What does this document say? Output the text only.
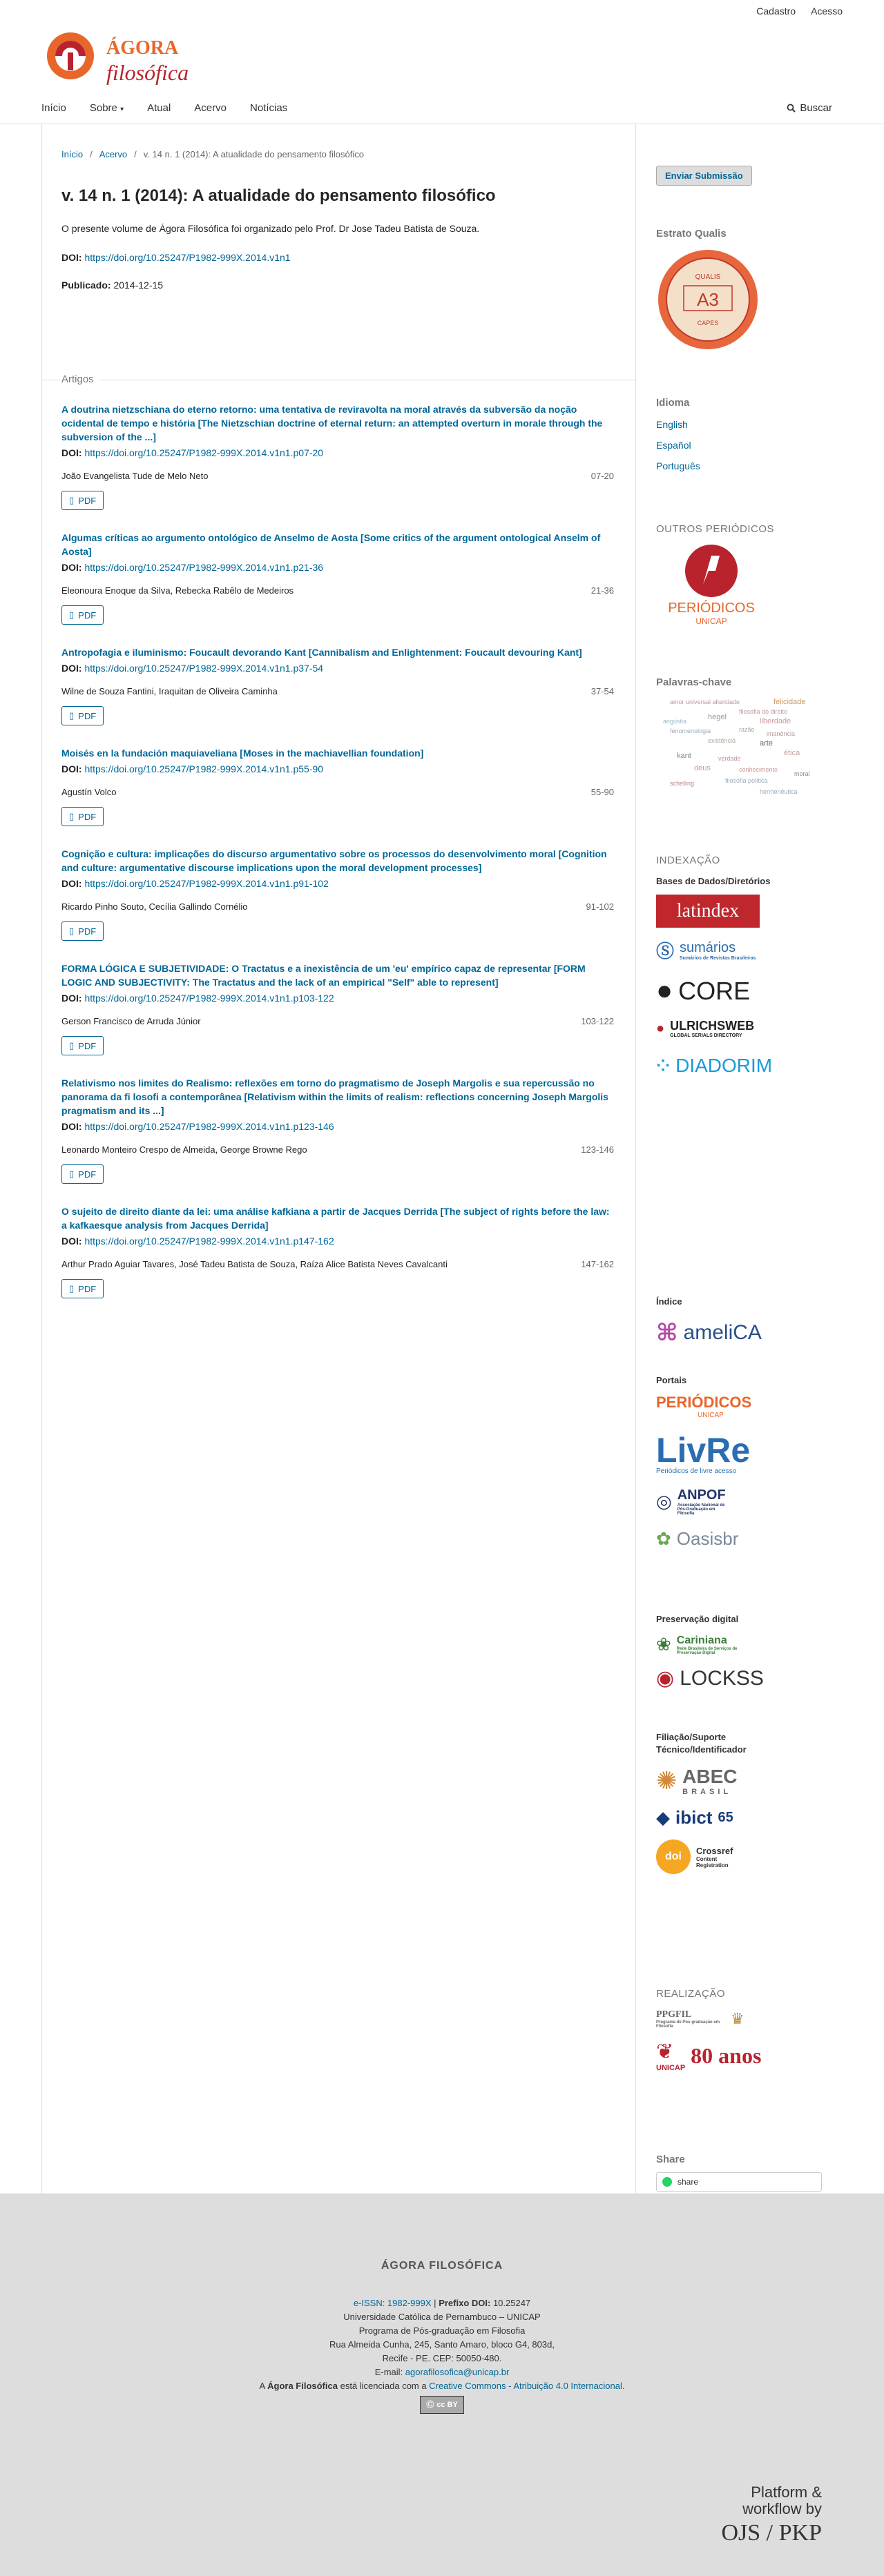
Cadastro Acesso
ÁGORA
filosófica
Início Sobre ▾ Atual Acervo Notícias	Buscar
Início / Acervo / v. 14 n. 1 (2014): A atualidade do pensamento filosófico
v. 14 n. 1 (2014): A atualidade do pensamento filosófico
O presente volume de Ágora Filosófica foi organizado pelo Prof. Dr Jose Tadeu Batista de Souza.
DOI: https://doi.org/10.25247/P1982-999X.2014.v1n1
Publicado: 2014-12-15
Artigos
A doutrina nietzschiana do eterno retorno: uma tentativa de reviravolta na moral através da subversão da noção ocidental de tempo e história [The Nietzschian doctrine of eternal return: an attempted overturn in morale through the subversion of the ...]
DOI: https://doi.org/10.25247/P1982-999X.2014.v1n1.p07-20
João Evangelista Tude de Melo Neto	07-20
▯ PDF
Algumas críticas ao argumento ontológico de Anselmo de Aosta [Some critics of the argument ontological Anselm of Aosta]
DOI: https://doi.org/10.25247/P1982-999X.2014.v1n1.p21-36
Eleonoura Enoque da Silva, Rebecka Rabêlo de Medeiros	21-36
▯ PDF
Antropofagia e iluminismo: Foucault devorando Kant [Cannibalism and Enlightenment: Foucault devouring Kant]
DOI: https://doi.org/10.25247/P1982-999X.2014.v1n1.p37-54
Wilne de Souza Fantini, Iraquitan de Oliveira Caminha	37-54
▯ PDF
Moisés en la fundación maquiaveliana [Moses in the machiavellian foundation]
DOI: https://doi.org/10.25247/P1982-999X.2014.v1n1.p55-90
Agustín Volco	55-90
▯ PDF
Cognição e cultura: implicações do discurso argumentativo sobre os processos do desenvolvimento moral [Cognition and culture: argumentative discourse implications upon the moral development processes]
DOI: https://doi.org/10.25247/P1982-999X.2014.v1n1.p91-102
Ricardo Pinho Souto, Cecília Gallindo Cornélio	91-102
▯ PDF
FORMA LÓGICA E SUBJETIVIDADE: O Tractatus e a inexistência de um 'eu' empírico capaz de representar [FORM LOGIC AND SUBJECTIVITY: The Tractatus and the lack of an empirical "Self" able to represent]
DOI: https://doi.org/10.25247/P1982-999X.2014.v1n1.p103-122
Gerson Francisco de Arruda Júnior	103-122
▯ PDF
Relativismo nos limites do Realismo: reflexões em torno do pragmatismo de Joseph Margolis e sua repercussão no panorama da fi losofi a contemporânea [Relativism within the limits of realism: reflections concerning Joseph Margolis pragmatism and its ...]
DOI: https://doi.org/10.25247/P1982-999X.2014.v1n1.p123-146
Leonardo Monteiro Crespo de Almeida, George Browne Rego	123-146
▯ PDF
O sujeito de direito diante da lei: uma análise kafkiana a partir de Jacques Derrida [The subject of rights before the law: a kafkaesque analysis from Jacques Derrida]
DOI: https://doi.org/10.25247/P1982-999X.2014.v1n1.p147-162
Arthur Prado Aguiar Tavares, José Tadeu Batista de Souza, Raíza Alice Batista Neves Cavalcanti	147-162
▯ PDF
Enviar Submissão
Estrato Qualis
QUALIS
A3
CAPES
Idioma
English
Español
Português
OUTROS PERIÓDICOS
PERIÓDICOS
UNICAP
Palavras-chave
amor universal alteridade	felicidade
filosofia do direito
angústia	hegel	liberdade
fenomenologia	imanência
existência	arte
ética
kant	verdade
conhecimento
schelling	filosofia política
hermenêutica
deus
razão
moral
INDEXAÇÃO
Bases de Dados/Diretórios
latindex
Ⓢ sumários
Sumários de Revistas Brasileiras
● CORE
● ULRICHSWEB
GLOBAL SERIALS DIRECTORY
⁘ DIADORIM
Índice
⌘ ameliCA
Portais
PERIÓDICOS
UNICAP
LivRe
Periódicos de livre acesso
◎ ANPOF
Associação Nacional de Pós-Graduação em Filosofia
✿ Oasisbr
Preservação digital
❀ Cariniana
Rede Brasileira de Serviços de Preservação Digital
◉ LOCKSS
Filiação/Suporte Técnico/Identificador
✺ ABEC
BRASIL
◆ ibict 65
doi	Crossref
Content Registration
REALIZAÇÃO
PPGFIL
Programa de Pós-graduação em Filosofia	♛
❦
UNICAP 80 anos
Share
share
ÁGORA FILOSÓFICA
e-ISSN: 1982-999X | Prefixo DOI: 10.25247
Universidade Católica de Pernambuco – UNICAP
Programa de Pós-graduação em Filosofia
Rua Almeida Cunha, 245, Santo Amaro, bloco G4, 803d,
Recife - PE. CEP: 50050-480.
E-mail: agorafilosofica@unicap.br
A Ágora Filosófica está licenciada com a Creative Commons - Atribuição 4.0 Internacional.
Ⓒ cc BY
Platform &
workflow by
OJS / PKP
